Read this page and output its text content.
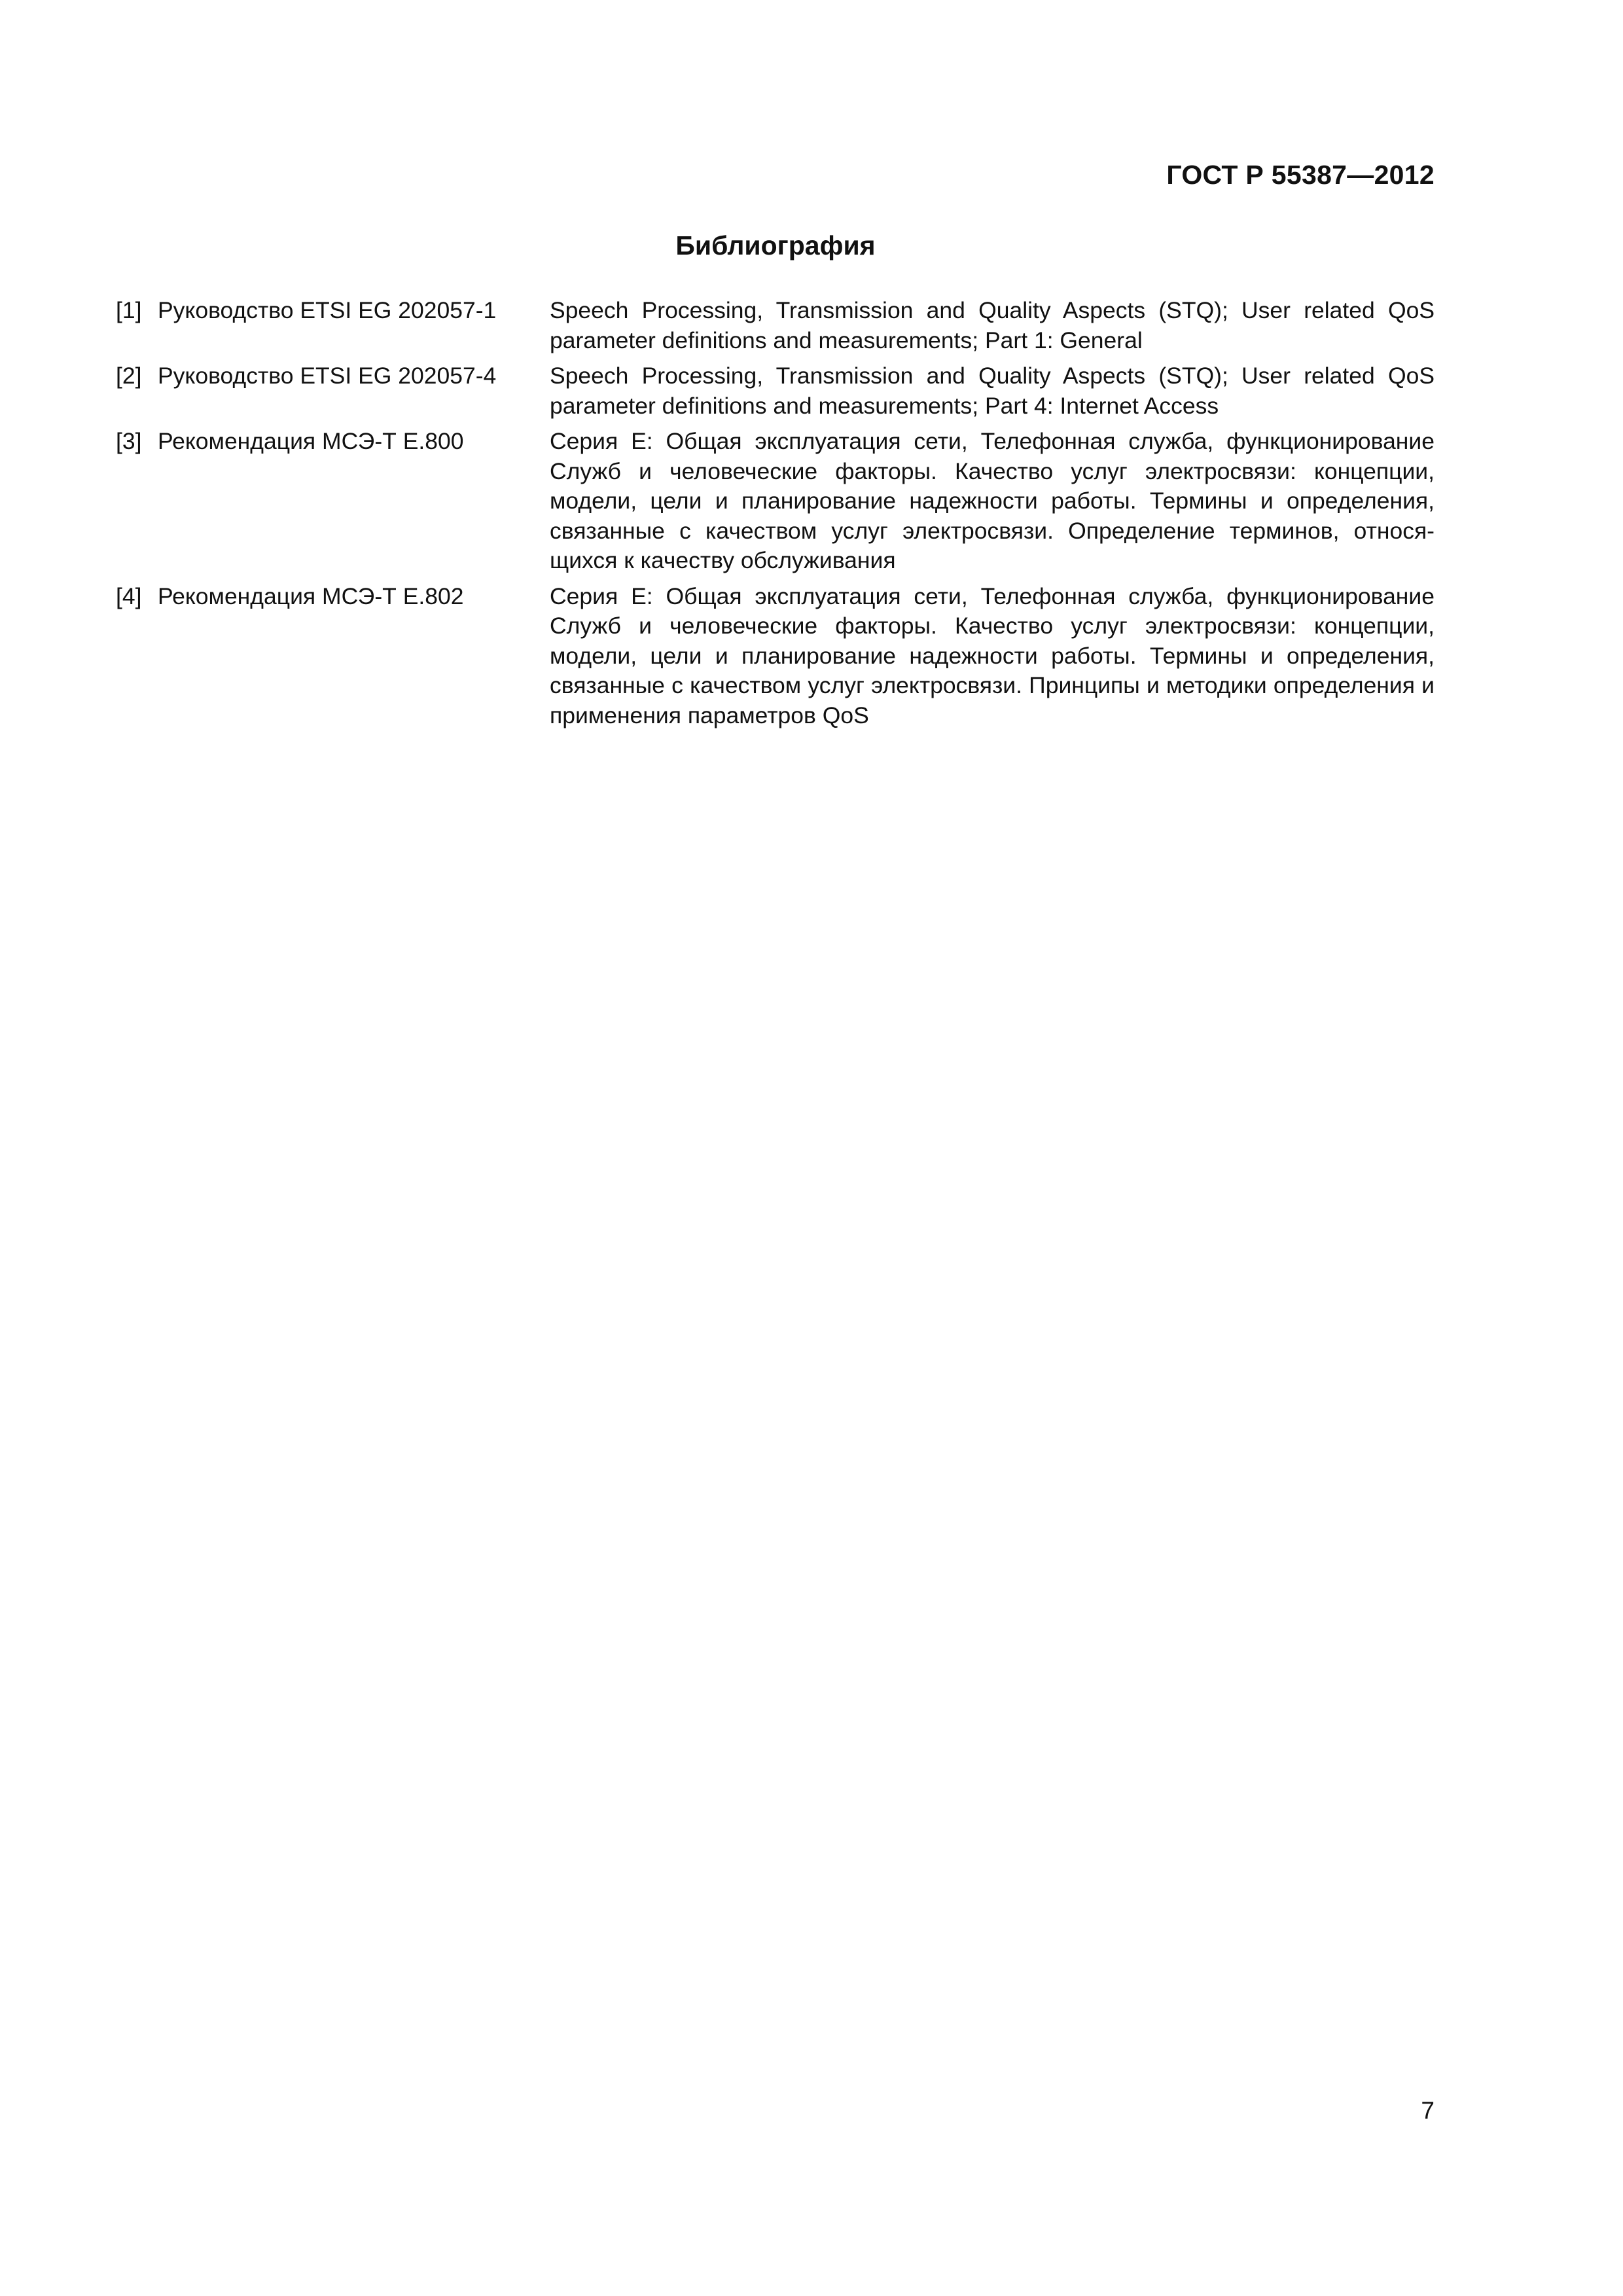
ГОСТ Р 55387—2012
Библиография
[1] Руководство ETSI EG 202057-1	Speech Processing, Transmission and Quality Aspects (STQ); User related QoS parameter definitions and measurements; Part 1: General
[2] Руководство ETSI EG 202057-4	Speech Processing, Transmission and Quality Aspects (STQ); User related QoS parameter definitions and measurements; Part 4: Internet Access
[3] Рекомендация МСЭ-Т E.800	Серия E: Общая эксплуатация сети, Телефонная служба, функционирование Служб и человеческие факторы. Качество услуг электросвязи: концепции, модели, цели и планирование надежности работы. Термины и определения, связанные с качеством услуг электросвязи. Определение терминов, относящихся к качеству обслуживания
[4] Рекомендация МСЭ-Т E.802	Серия E: Общая эксплуатация сети, Телефонная служба, функционирование Служб и человеческие факторы. Качество услуг электросвязи: концепции, модели, цели и планирование надежности работы. Термины и определения, связанные с качеством услуг электросвязи. Принципы и методики определения и применения параметров QoS
7
